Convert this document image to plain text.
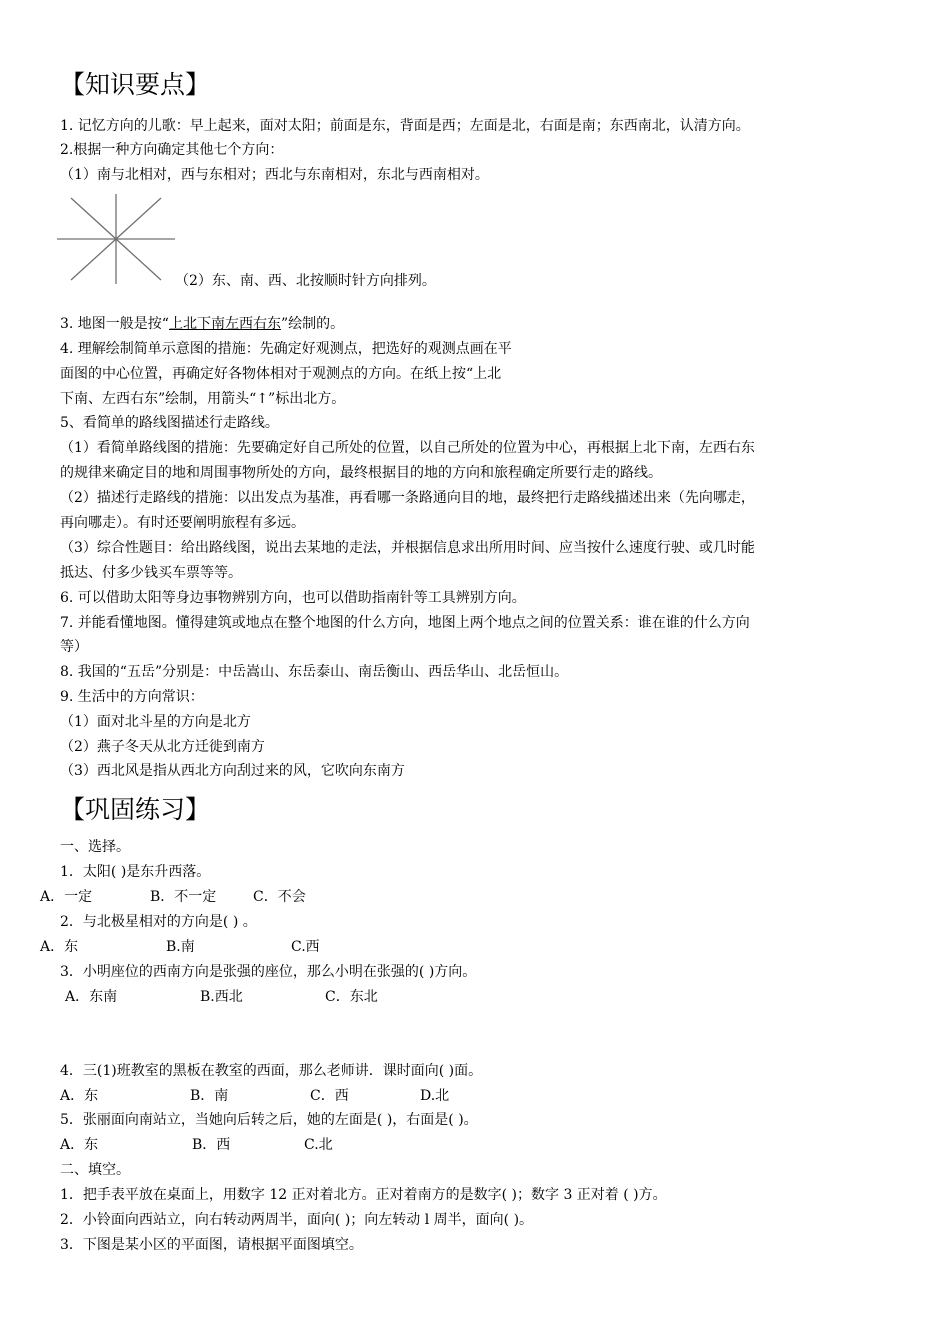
【知识要点】
1. 记忆方向的儿歌：早上起来，面对太阳；前面是东，背面是西；左面是北，右面是南；东西南北，认清方向。
2.根据一种方向确定其他七个方向：
（1）南与北相对，西与东相对；西北与东南相对，东北与西南相对。
（2）东、南、西、北按顺时针方向排列。
3. 地图一般是按“上北下南左西右东”绘制的。
4. 理解绘制简单示意图的措施：先确定好观测点，把选好的观测点画在平
面图的中心位置，再确定好各物体相对于观测点的方向。在纸上按“上北
下南、左西右东”绘制，用箭头“↑”标出北方。
5、看简单的路线图描述行走路线。
（1）看简单路线图的措施：先要确定好自己所处的位置，以自己所处的位置为中心，再根据上北下南，左西右东
的规律来确定目的地和周围事物所处的方向，最终根据目的地的方向和旅程确定所要行走的路线。
（2）描述行走路线的措施：以出发点为基准，再看哪一条路通向目的地，最终把行走路线描述出来（先向哪走，
再向哪走）。有时还要阐明旅程有多远。
（3）综合性题目：给出路线图，说出去某地的走法，并根据信息求出所用时间、应当按什么速度行驶、或几时能
抵达、付多少钱买车票等等。
6. 可以借助太阳等身边事物辨别方向，也可以借助指南针等工具辨别方向。
7. 并能看懂地图。懂得建筑或地点在整个地图的什么方向，地图上两个地点之间的位置关系：谁在谁的什么方向
等）
8. 我国的“五岳”分别是：中岳嵩山、东岳泰山、南岳衡山、西岳华山、北岳恒山。
9. 生活中的方向常识：
（1）面对北斗星的方向是北方
（2）燕子冬天从北方迁徙到南方
（3）西北风是指从西北方向刮过来的风，它吹向东南方
【巩固练习】
一、选择。
1．太阳( )是东升西落。
A．一定	B．不一定	C．不会
2．与北极星相对的方向是( ) 。
A．东	B.南	C.西
3．小明座位的西南方向是张强的座位，那么小明在张强的( )方向。
A．东南	B.西北	C．东北
4．三(1)班教室的黑板在教室的西面，那么老师讲．课时面向( )面。
A．东	B．南	C．西	D.北
5．张丽面向南站立，当她向后转之后，她的左面是( )，右面是( )。
A．东	B．西	C.北
二、填空。
1．把手表平放在桌面上，用数字 12 正对着北方。正对着南方的是数字( )；数字 3 正对着 ( )方。
2．小铃面向西站立，向右转动两周半，面向( )；向左转动 l 周半，面向( )。
3．下图是某小区的平面图，请根据平面图填空。
